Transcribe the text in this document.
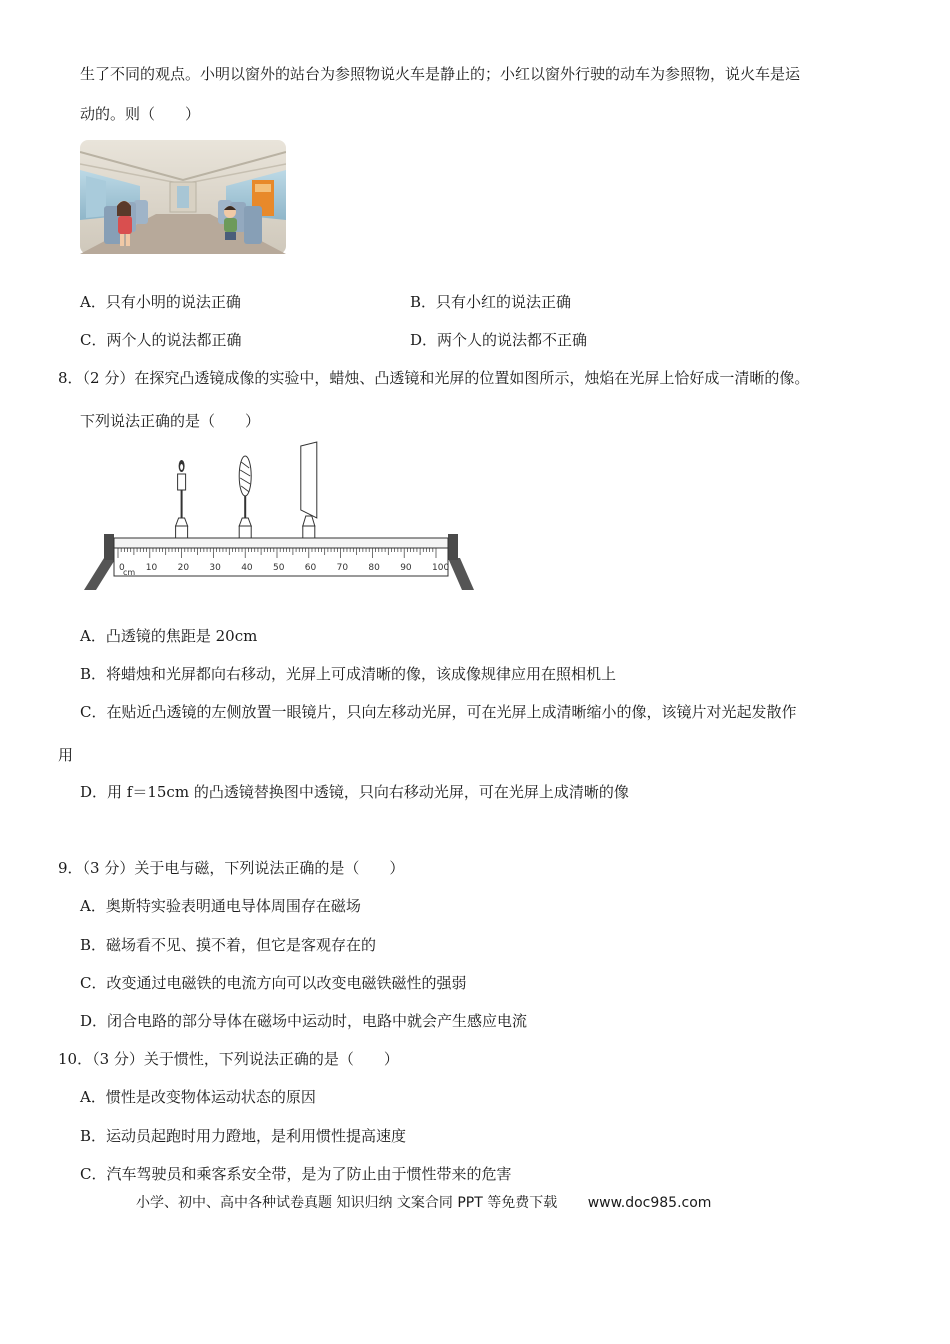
生了不同的观点。小明以窗外的站台为参照物说火车是静止的；小红以窗外行驶的动车为参照物，说火车是运
动的。则（　　）
A．只有小明的说法正确	B．只有小红的说法正确
C．两个人的说法都正确	D．两个人的说法都不正确
8．（2 分）在探究凸透镜成像的实验中，蜡烛、凸透镜和光屏的位置如图所示，烛焰在光屏上恰好成一清晰的像。
下列说法正确的是（　　）
0 10 20 30 40 50 60 70 80 90 100
cm
A．凸透镜的焦距是 20cm
B．将蜡烛和光屏都向右移动，光屏上可成清晰的像，该成像规律应用在照相机上
C．在贴近凸透镜的左侧放置一眼镜片，只向左移动光屏，可在光屏上成清晰缩小的像，该镜片对光起发散作
用
D．用 f＝15cm 的凸透镜替换图中透镜，只向右移动光屏，可在光屏上成清晰的像
9．（3 分）关于电与磁，下列说法正确的是（　　）
A．奥斯特实验表明通电导体周围存在磁场
B．磁场看不见、摸不着，但它是客观存在的
C．改变通过电磁铁的电流方向可以改变电磁铁磁性的强弱
D．闭合电路的部分导体在磁场中运动时，电路中就会产生感应电流
10．（3 分）关于惯性，下列说法正确的是（　　）
A．惯性是改变物体运动状态的原因
B．运动员起跑时用力蹬地，是利用惯性提高速度
C．汽车驾驶员和乘客系安全带，是为了防止由于惯性带来的危害
小学、初中、高中各种试卷真题 知识归纳 文案合同 PPT 等免费下载 www.doc985.com
